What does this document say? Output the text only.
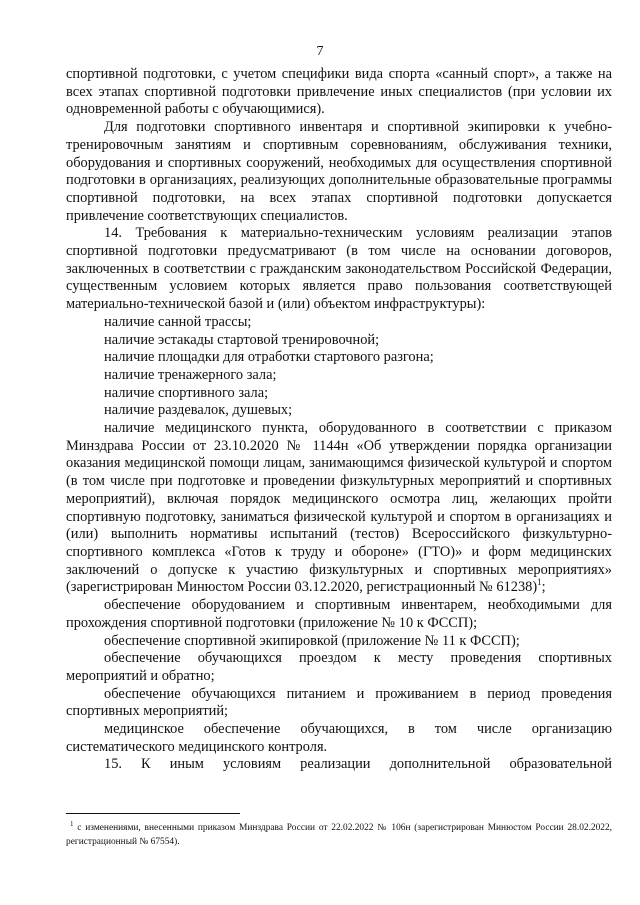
7

спортивной подготовки, с учетом специфики вида спорта «санный спорт», а также на всех этапах спортивной подготовки привлечение иных специалистов (при условии их одновременной работы с обучающимися).

Для подготовки спортивного инвентаря и спортивной экипировки к учебно-тренировочным занятиям и спортивным соревнованиям, обслуживания техники, оборудования и спортивных сооружений, необходимых для осуществления спортивной подготовки в организациях, реализующих дополнительные образовательные программы спортивной подготовки, на всех этапах спортивной подготовки допускается привлечение соответствующих специалистов.

14. Требования к материально-техническим условиям реализации этапов спортивной подготовки предусматривают (в том числе на основании договоров, заключенных в соответствии с гражданским законодательством Российской Федерации, существенным условием которых является право пользования соответствующей материально-технической базой и (или) объектом инфраструктуры):

наличие санной трассы;

наличие эстакады стартовой тренировочной;

наличие площадки для отработки стартового разгона;

наличие тренажерного зала;

наличие спортивного зала;

наличие раздевалок, душевых;

наличие медицинского пункта, оборудованного в соответствии с приказом Минздрава России от 23.10.2020 № 1144н «Об утверждении порядка организации оказания медицинской помощи лицам, занимающимся физической культурой и спортом (в том числе при подготовке и проведении физкультурных мероприятий и спортивных мероприятий), включая порядок медицинского осмотра лиц, желающих пройти спортивную подготовку, заниматься физической культурой и спортом в организациях и (или) выполнить нормативы испытаний (тестов) Всероссийского физкультурно-спортивного комплекса «Готов к труду и обороне» (ГТО)» и форм медицинских заключений о допуске к участию физкультурных и спортивных мероприятиях» (зарегистрирован Минюстом России 03.12.2020, регистрационный № 61238)$^1$;

обеспечение оборудованием и спортивным инвентарем, необходимыми для прохождения спортивной подготовки (приложение № 10 к ФССП);

обеспечение спортивной экипировкой (приложение № 11 к ФССП);

обеспечение обучающихся проездом к месту проведения спортивных мероприятий и обратно;

обеспечение обучающихся питанием и проживанием в период проведения спортивных мероприятий;

медицинское обеспечение обучающихся, в том числе организацию систематического медицинского контроля.

15. К иным условиям реализации дополнительной образовательной

$^1$ с изменениями, внесенными приказом Минздрава России от 22.02.2022 № 106н (зарегистрирован Минюстом России 28.02.2022, регистрационный № 67554).
